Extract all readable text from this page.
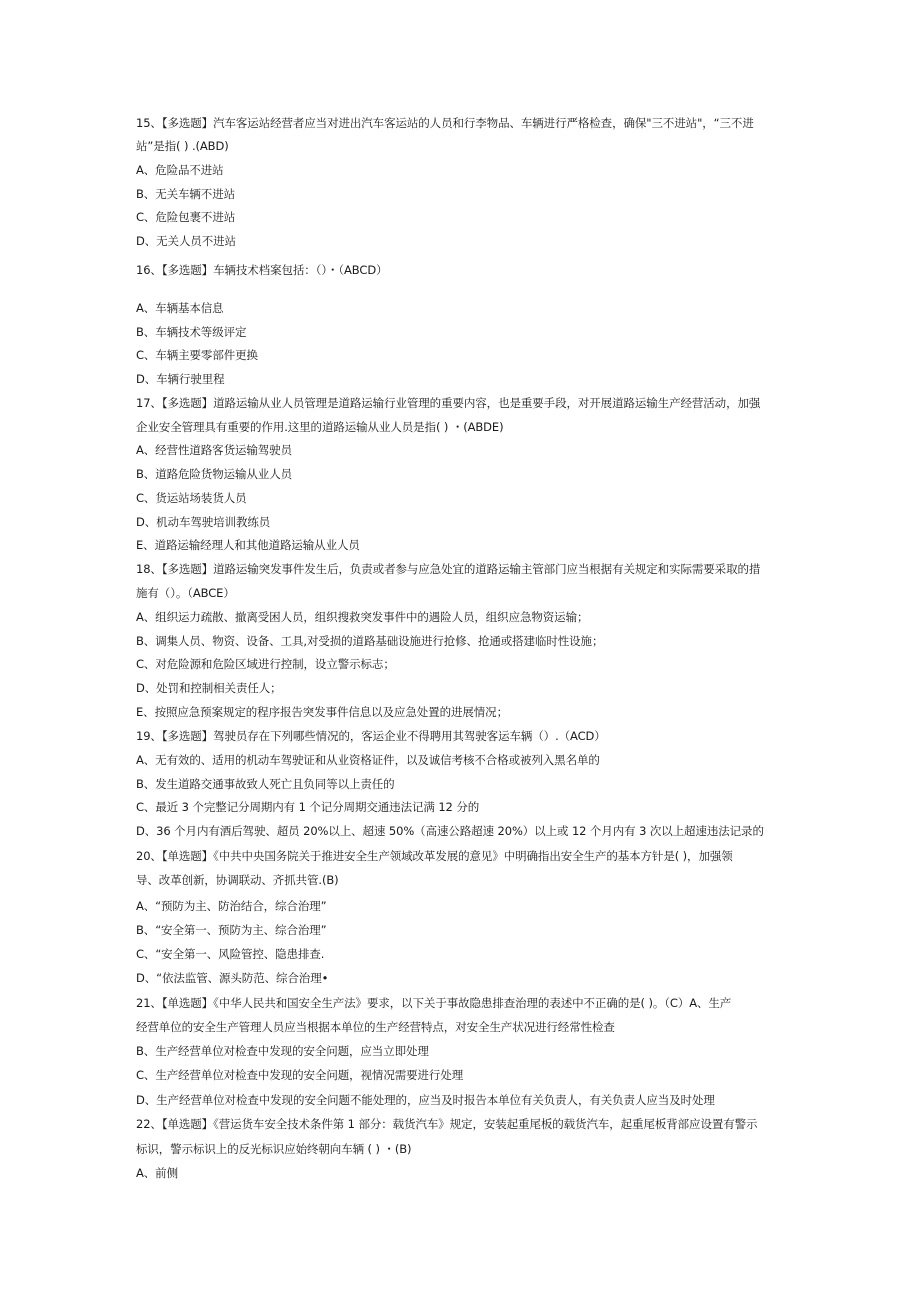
15、【多选题】汽车客运站经营者应当对进出汽车客运站的人员和行李物品、车辆进行严格检查，确保"三不进站"，“三不进
站”是指( ) .(ABD)
A、危险品不进站
B、无关车辆不进站
C、危险包裹不进站
D、无关人员不进站
16、【多选题】车辆技术档案包括：（）・（ABCD）
A、车辆基本信息
B、车辆技术等级评定
C、车辆主要零部件更换
D、车辆行驶里程
17、【多选题】道路运输从业人员管理是道路运输行业管理的重要内容，也是重要手段，对开展道路运输生产经营活动，加强
企业安全管理具有重要的作用.这里的道路运输从业人员是指( ) ・(ABDE)
A、经营性道路客货运输驾驶员
B、道路危险货物运输从业人员
C、货运站场装货人员
D、机动车驾驶培训教练员
E、道路运输经理人和其他道路运输从业人员
18、【多选题】道路运输突发事件发生后，负责或者参与应急处宜的道路运输主管部门应当根据有关规定和实际需要采取的措
施有（）。（ABCE）
A、组织运力疏散、撤离受困人员，组织搜救突发事件中的遇险人员，组织应急物资运输；
B、调集人员、物资、设备、工具,对受损的道路基础设施进行抢修、抢通或搭建临时性设施；
C、对危险源和危险区域进行控制，设立警示标志；
D、处罚和控制相关责任人；
E、按照应急预案规定的程序报告突发事件信息以及应急处置的进展情况；
19、【多选题】驾驶员存在下列哪些情况的，客运企业不得聘用其驾驶客运车辆（）.（ACD）
A、无有效的、适用的机动车驾驶证和从业资格证件，以及诚信考核不合格或被列入黑名单的
B、发生道路交通事故致人死亡且负同等以上责任的
C、最近 3 个完整记分周期内有 1 个记分周期交通违法记满 12 分的
D、36 个月内有酒后驾驶、超员 20%以上、超速 50%（高速公路超速 20%）以上或 12 个月内有 3 次以上超速违法记录的
20、【单选题】《中共中央国务院关于推进安全生产领域改革发展的意见》中明确指出安全生产的基本方针是( )，加强领
导、改革创新，协调联动、齐抓共管.(B)
A、“预防为主、防治结合，综合治理”
B、“安全第一、预防为主、综合治理”
C、“安全第一、风险管控、隐患排查.
D、“依法监管、源头防范、综合治理•
21、【单选题】《中华人民共和国安全生产法》要求，以下关于事故隐患排查治理的表述中不正确的是( )。（C）A、生产
经营单位的安全生产管理人员应当根据本单位的生产经营特点，对安全生产状况进行经常性检查
B、生产经营单位对检查中发现的安全问题，应当立即处理
C、生产经营单位对检查中发现的安全问题，视情况需要进行处理
D、生产经营单位对检查中发现的安全问题不能处理的，应当及时报告本单位有关负责人，有关负责人应当及时处理
22、【单选题】《营运货车安全技术条件第 1 部分：载货汽车》规定，安装起重尾板的载货汽车，起重尾板背部应设置有警示
标识，警示标识上的反光标识应始终朝向车辆 ( ) ・(B)
A、前侧
